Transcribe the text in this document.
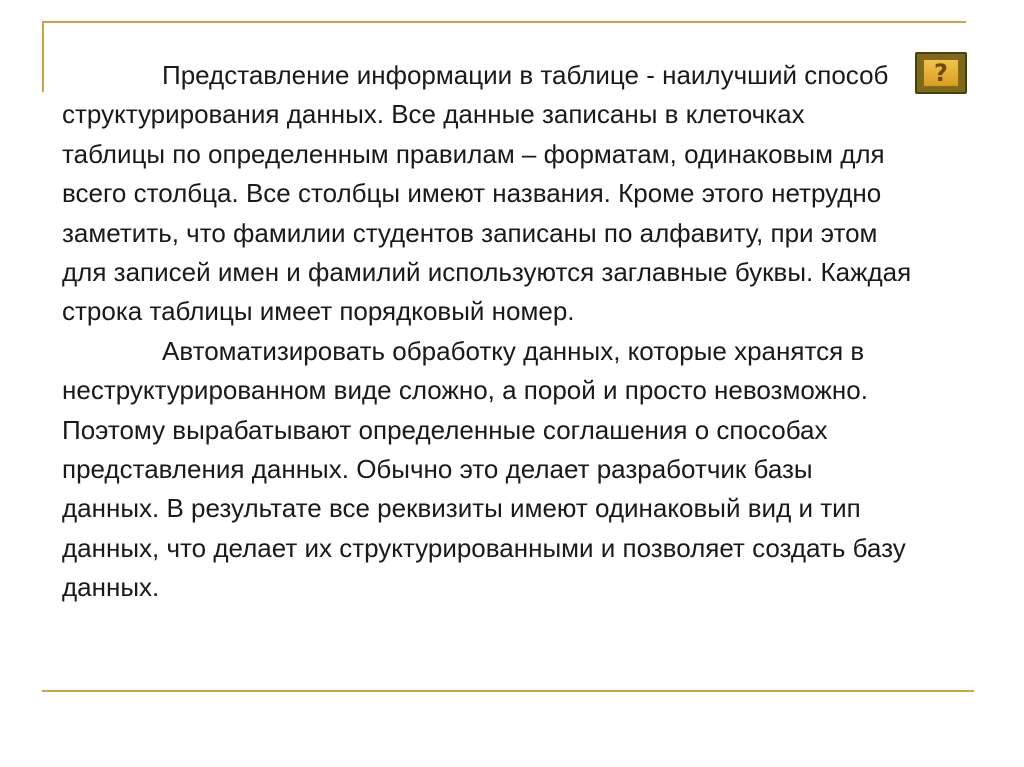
?

Представление информации в таблице - наилучший способ структурирования данных. Все данные записаны в клеточках таблицы по определенным правилам – форматам, одинаковым для всего столбца. Все столбцы имеют названия. Кроме этого нетрудно заметить, что фамилии студентов записаны по алфавиту, при этом для записей имен и фамилий используются заглавные буквы. Каждая строка таблицы имеет порядковый номер.

Автоматизировать обработку данных, которые хранятся в неструктурированном виде сложно, а порой и просто невозможно. Поэтому вырабатывают определенные соглашения о способах представления данных. Обычно это делает разработчик базы данных. В результате все реквизиты имеют одинаковый вид и тип данных, что делает их структурированными и позволяет создать базу данных.
